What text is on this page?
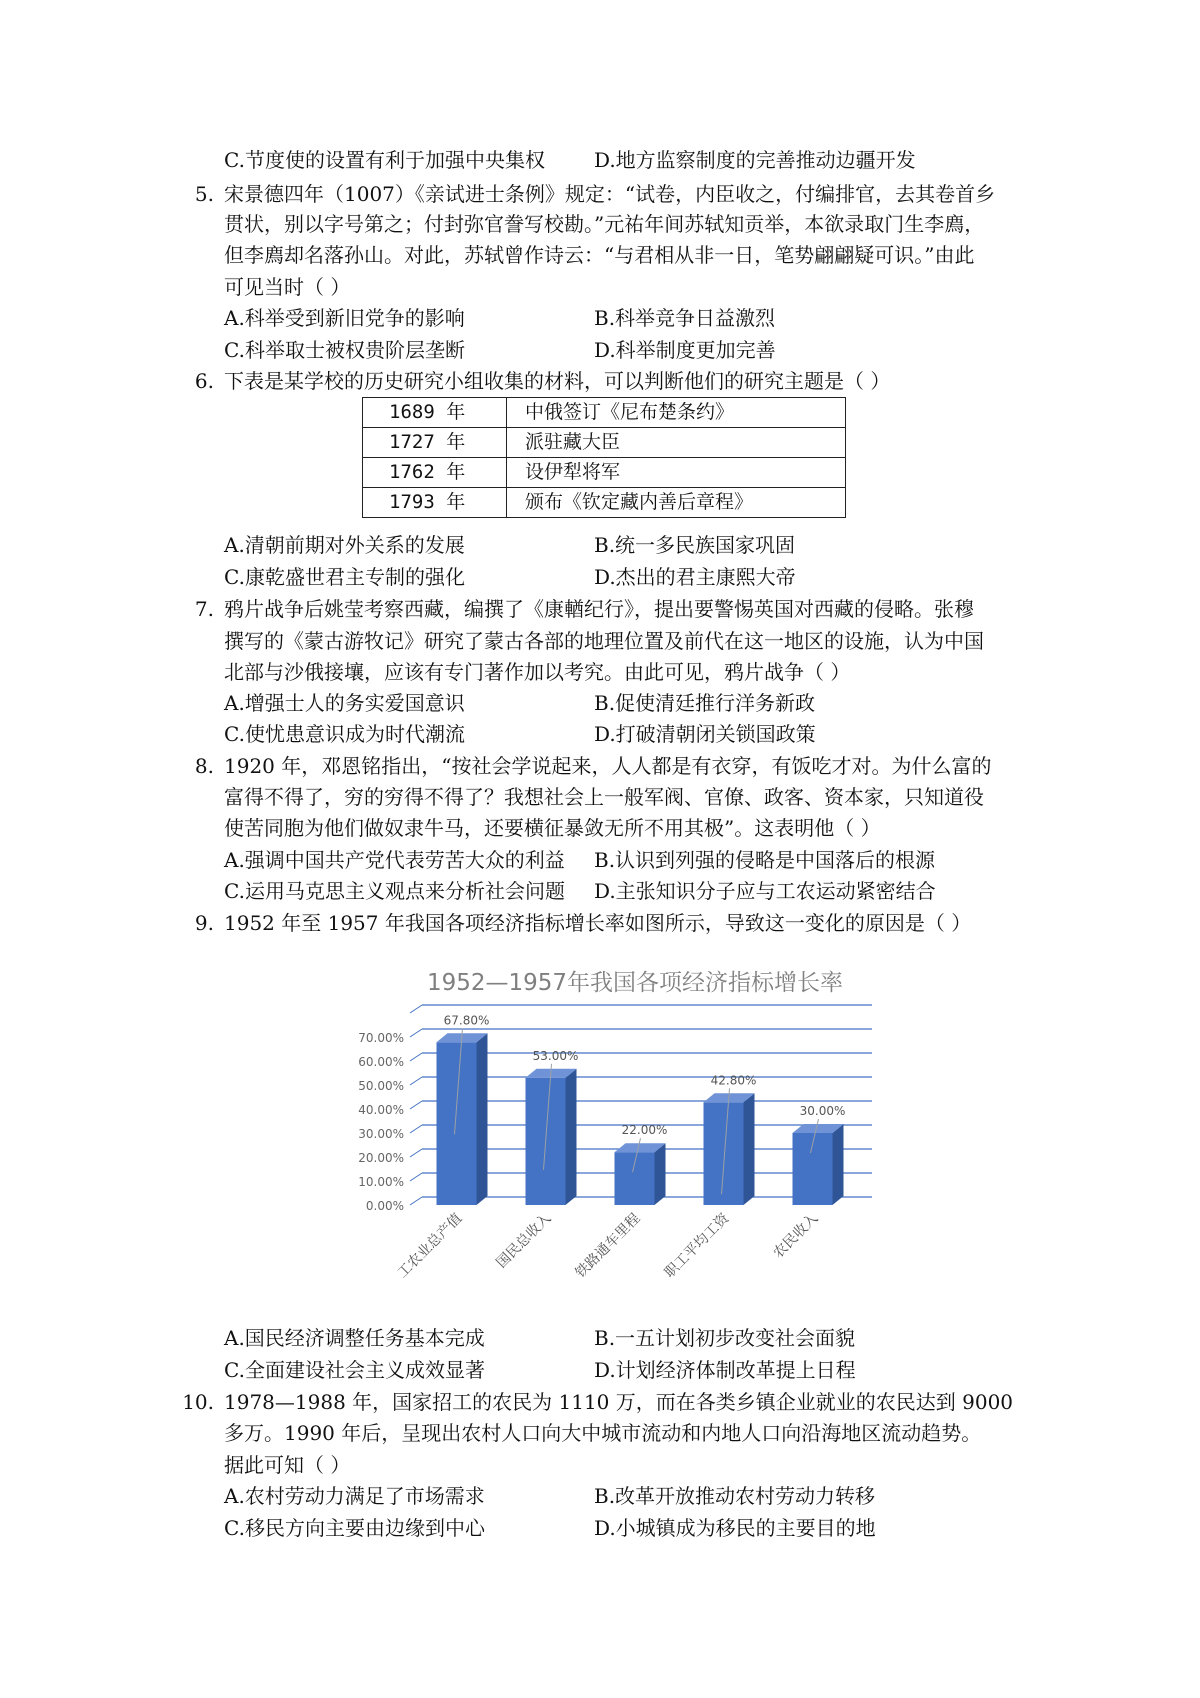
C.节度使的设置有利于加强中央集权 D.地方监察制度的完善推动边疆开发
5. 宋景德四年（1007）《亲试进士条例》规定：“试卷，内臣收之，付编排官，去其卷首乡
贯状，别以字号第之；付封弥官誊写校勘。”元祐年间苏轼知贡举，本欲录取门生李廌，
但李廌却名落孙山。对此，苏轼曾作诗云：“与君相从非一日，笔势翩翩疑可识。”由此
可见当时（ ）
A.科举受到新旧党争的影响	B.科举竞争日益激烈
C.科举取士被权贵阶层垄断	D.科举制度更加完善
6. 下表是某学校的历史研究小组收集的材料，可以判断他们的研究主题是（ ）
1689 年	中俄签订《尼布楚条约》
1727 年	派驻藏大臣
1762 年	设伊犁将军
1793 年	颁布《钦定藏内善后章程》
A.清朝前期对外关系的发展	B.统一多民族国家巩固
C.康乾盛世君主专制的强化	D.杰出的君主康熙大帝
7. 鸦片战争后姚莹考察西藏，编撰了《康輶纪行》，提出要警惕英国对西藏的侵略。张穆
撰写的《蒙古游牧记》研究了蒙古各部的地理位置及前代在这一地区的设施，认为中国
北部与沙俄接壤，应该有专门著作加以考究。由此可见，鸦片战争（ ）
A.增强士人的务实爱国意识	B.促使清廷推行洋务新政
C.使忧患意识成为时代潮流	D.打破清朝闭关锁国政策
8. 1920 年，邓恩铭指出，“按社会学说起来，人人都是有衣穿，有饭吃才对。为什么富的
富得不得了，穷的穷得不得了？我想社会上一般军阀、官僚、政客、资本家，只知道役
使苦同胞为他们做奴隶牛马，还要横征暴敛无所不用其极”。这表明他（ ）
A.强调中国共产党代表劳苦大众的利益 B.认识到列强的侵略是中国落后的根源
C.运用马克思主义观点来分析社会问题 D.主张知识分子应与工农运动紧密结合
9. 1952 年至 1957 年我国各项经济指标增长率如图所示，导致这一变化的原因是（ ）
1952—1957年我国各项经济指标增长率
0.00%
10.00%
20.00%
30.00%
40.00%
50.00%
60.00%
70.00%
67.80%
工农业总产值
53.00%
国民总收入
22.00%
铁路通车里程
42.80%
职工平均工资
30.00%
农民收入
A.国民经济调整任务基本完成	B.一五计划初步改变社会面貌
C.全面建设社会主义成效显著	D.计划经济体制改革提上日程
10. 1978—1988 年，国家招工的农民为 1110 万，而在各类乡镇企业就业的农民达到 9000
多万。1990 年后，呈现出农村人口向大中城市流动和内地人口向沿海地区流动趋势。
据此可知（ ）
A.农村劳动力满足了市场需求	B.改革开放推动农村劳动力转移
C.移民方向主要由边缘到中心	D.小城镇成为移民的主要目的地
